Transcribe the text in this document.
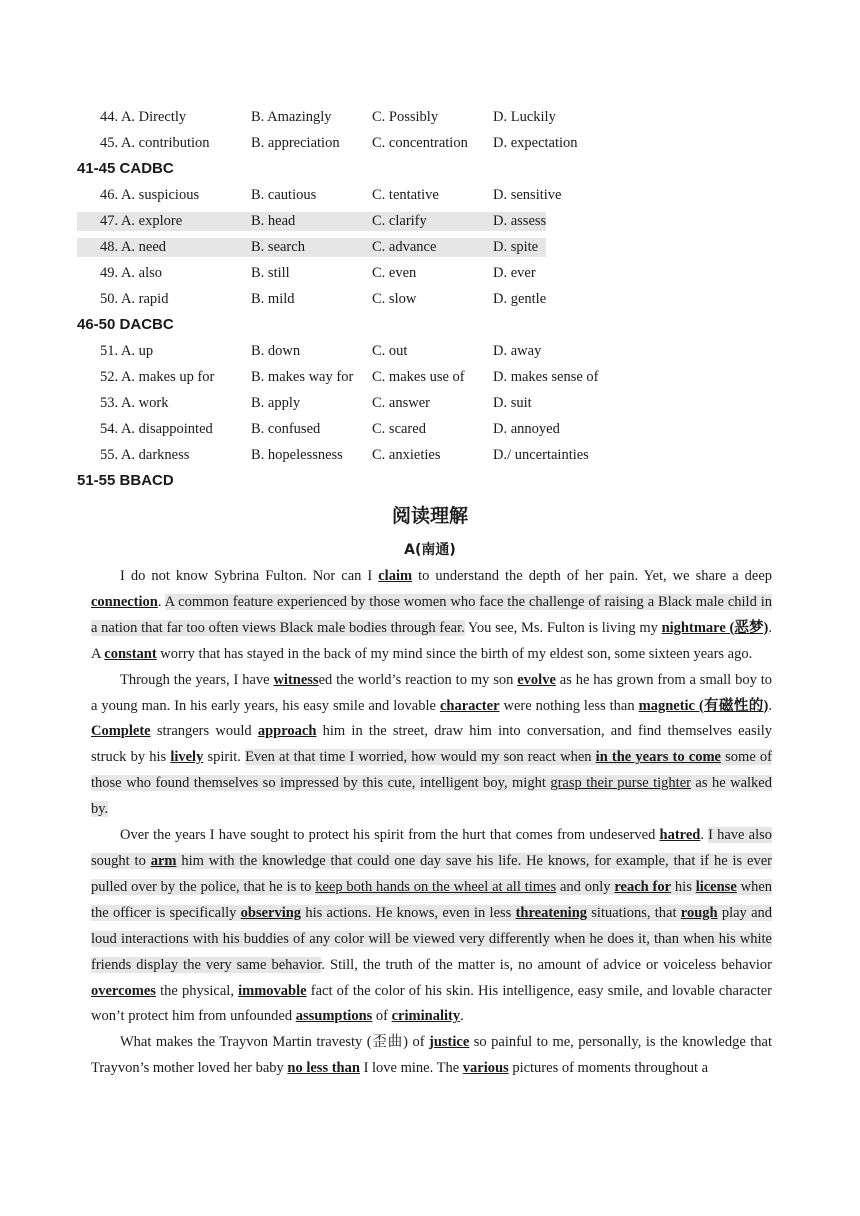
44. A. Directly	B. Amazingly	C. Possibly	D. Luckily
45. A. contribution	B. appreciation C. concentration D. expectation
41-45 CADBC
46. A. suspicious	B. cautious	C. tentative	D. sensitive
47. A. explore	B. head	C. clarify	D. assess
48. A. need	B. search	C. advance	D. spite
49. A. also	B. still	C. even	D. ever
50. A. rapid	B. mild	C. slow	D. gentle
46-50 DACBC
51. A. up	B. down	C. out	D. away
52. A. makes up for	B. makes way for C. makes use of D. makes sense of
53. A. work	B. apply	C. answer	D. suit
54. A. disappointed	B. confused	C. scared	D. annoyed
55. A. darkness	B. hopelessness C. anxieties	D./ uncertainties
51-55 BBACD
阅读理解
A(南通)

I do not know Sybrina Fulton. Nor can I claim to understand the depth of her pain. Yet, we share a deep connection. A common feature experienced by those women who face the challenge of raising a Black male child in a nation that far too often views Black male bodies through fear. You see, Ms. Fulton is living my nightmare (恶梦). A constant worry that has stayed in the back of my mind since the birth of my eldest son, some sixteen years ago.

Through the years, I have witnessed the world’s reaction to my son evolve as he has grown from a small boy to a young man. In his early years, his easy smile and lovable character were nothing less than magnetic (有磁性的). Complete strangers would approach him in the street, draw him into conversation, and find themselves easily struck by his lively spirit. Even at that time I worried, how would my son react when in the years to come some of those who found themselves so impressed by this cute, intelligent boy, might grasp their purse tighter as he walked by.

Over the years I have sought to protect his spirit from the hurt that comes from undeserved hatred. I have also sought to arm him with the knowledge that could one day save his life. He knows, for example, that if he is ever pulled over by the police, that he is to keep both hands on the wheel at all times and only reach for his license when the officer is specifically observing his actions. He knows, even in less threatening situations, that rough play and loud interactions with his buddies of any color will be viewed very differently when he does it, than when his white friends display the very same behavior. Still, the truth of the matter is, no amount of advice or voiceless behavior overcomes the physical, immovable fact of the color of his skin. His intelligence, easy smile, and lovable character won’t protect him from unfounded assumptions of criminality.

What makes the Trayvon Martin travesty (歪曲) of justice so painful to me, personally, is the knowledge that Trayvon’s mother loved her baby no less than I love mine. The various pictures of moments throughout a
